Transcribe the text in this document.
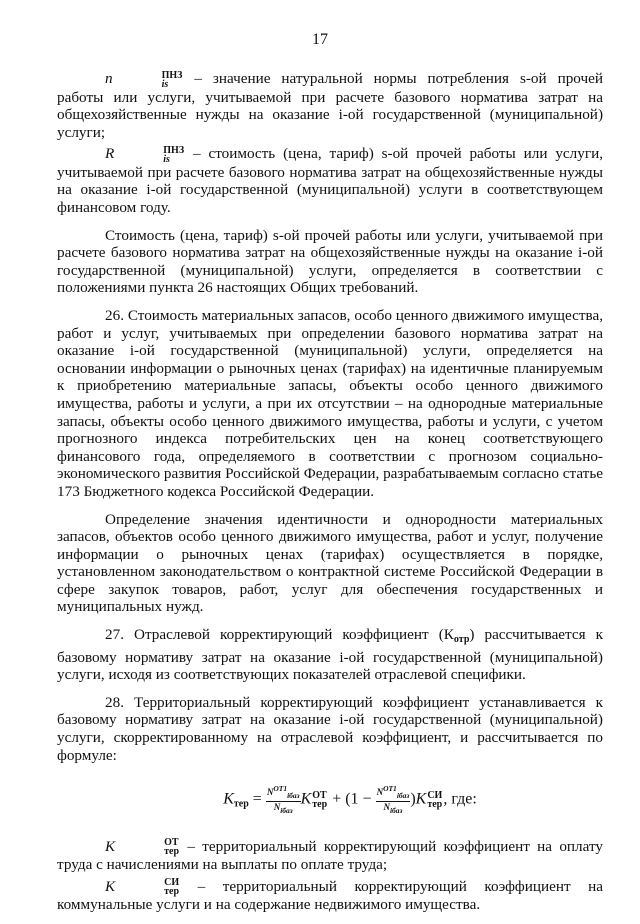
17

n	ПНЗ
is – значение натуральной нормы потребления s-ой прочей работы или услуги, учитываемой при расчете базового норматива затрат на общехозяйственные нужды на оказание i-ой государственной (муниципальной) услуги;

R	ПНЗ
is – стоимость (цена, тариф) s-ой прочей работы или услуги, учитываемой при расчете базового норматива затрат на общехозяйственные нужды на оказание i-ой государственной (муниципальной) услуги в соответствующем финансовом году.

Стоимость (цена, тариф) s-ой прочей работы или услуги, учитываемой при расчете базового норматива затрат на общехозяйственные нужды на оказание i-ой государственной (муниципальной) услуги, определяется в соответствии с положениями пункта 26 настоящих Общих требований.

26. Стоимость материальных запасов, особо ценного движимого имущества, работ и услуг, учитываемых при определении базового норматива затрат на оказание i-ой государственной (муниципальной) услуги, определяется на основании информации о рыночных ценах (тарифах) на идентичные планируемым к приобретению материальные запасы, объекты особо ценного движимого имущества, работы и услуги, а при их отсутствии – на однородные материальные запасы, объекты особо ценного движимого имущества, работы и услуги, с учетом прогнозного индекса потребительских цен на конец соответствующего финансового года, определяемого в соответствии с прогнозом социально-экономического развития Российской Федерации, разрабатываемым согласно статье 173 Бюджетного кодекса Российской Федерации.

Определение значения идентичности и однородности материальных запасов, объектов особо ценного движимого имущества, работ и услуг, получение информации о рыночных ценах (тарифах) осуществляется в порядке, установленном законодательством о контрактной системе Российской Федерации в сфере закупок товаров, работ, услуг для обеспечения государственных и муниципальных нужд.

27. Отраслевой корректирующий коэффициент $(К_{отр})$ рассчитывается к базовому нормативу затрат на оказание i-ой государственной (муниципальной) услуги, исходя из соответствующих показателей отраслевой специфики.

28. Территориальный корректирующий коэффициент устанавливается к базовому нормативу затрат на оказание i-ой государственной (муниципальной) услуги, скорректированному на отраслевой коэффициент, и рассчитывается по формуле:

$K_{тер} = \frac{N^{ОТ1}_{iбаз}}{N_{iбаз}}$ K ОТ
тер + $(1 - \frac{N^{ОТ1}_{iбаз}}{N_{iбаз}} )K$ СИ
тер , где:

K	ОТ
тер – территориальный корректирующий коэффициент на оплату труда с начислениями на выплаты по оплате труда;

K	СИ
тер – территориальный корректирующий коэффициент на коммунальные услуги и на содержание недвижимого имущества.
